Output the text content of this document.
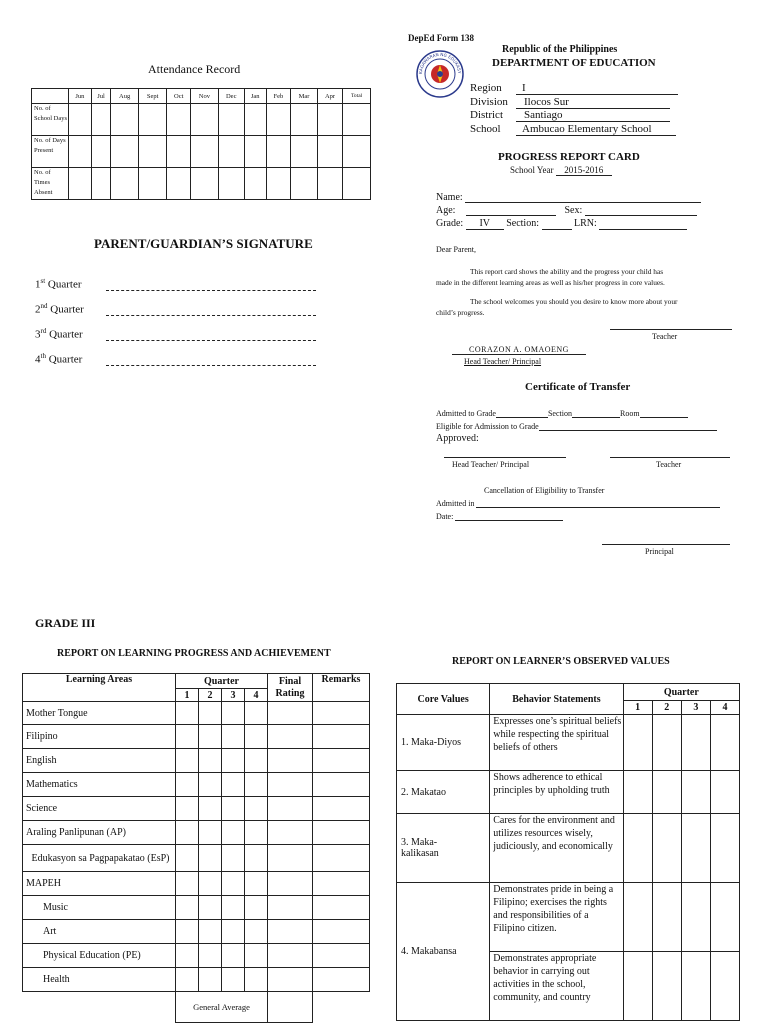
Attendance Record
	Jun	Jul	Aug	Sept	Oct	Nov	Dec	Jan	Feb	Mar	Apr	Total
No. of School Days												
No. of Days Present												
No. of Times Absent												
PARENT/GUARDIAN’S SIGNATURE
1st Quarter
2nd Quarter
3rd Quarter
4th Quarter
DepEd Form 138
KAGAWARAN NG EDUKASY
Republic of the Philippines
DEPARTMENT OF EDUCATION
Region I
Division Ilocos Sur
District Santiago
School Ambucao Elementary School
PROGRESS REPORT CARD
School Year 2015-2016
Name:
Age:	Sex:
Grade: IV Section:	LRN:
Dear Parent,
This report card shows the ability and the progress your child has
made in the different learning areas as well as his/her progress in core values.
The school welcomes you should you desire to know more about your
child’s progress.
Teacher
CORAZON A. OMAOENG
Head Teacher/ Principal
Certificate of Transfer
Admitted to Grade	Section	Room
Eligible for Admission to Grade
Approved:
Head Teacher/ Principal	Teacher
Cancellation of Eligibility to Transfer
Admitted in
Date:
Principal
GRADE III
REPORT ON LEARNING PROGRESS AND ACHIEVEMENT
Learning Areas	Quarter				Final Rating	Remarks
	1	2	3	4		
Mother Tongue						
Filipino						
English						
Mathematics						
Science						
Araling Panlipunan (AP)						
Edukasyon sa Pagpapakatao (EsP)						
MAPEH						
Music						
Art						
Physical Education (PE)						
Health						
	General Average					
REPORT ON LEARNER’S OBSERVED VALUES
Core Values	Behavior Statements	Quarter			
		1	2	3	4
1. Maka-Diyos	Expresses one’s spiritual beliefs while respecting the spiritual beliefs of others				
2. Makatao	Shows adherence to ethical principles by upholding truth				
3. Maka-kalikasan	Cares for the environment and utilizes resources wisely, judiciously, and economically				
4. Makabansa	Demonstrates pride in being a Filipino; exercises the rights and responsibilities of a Filipino citizen.				
	Demonstrates appropriate behavior in carrying out activities in the school, community, and country				
